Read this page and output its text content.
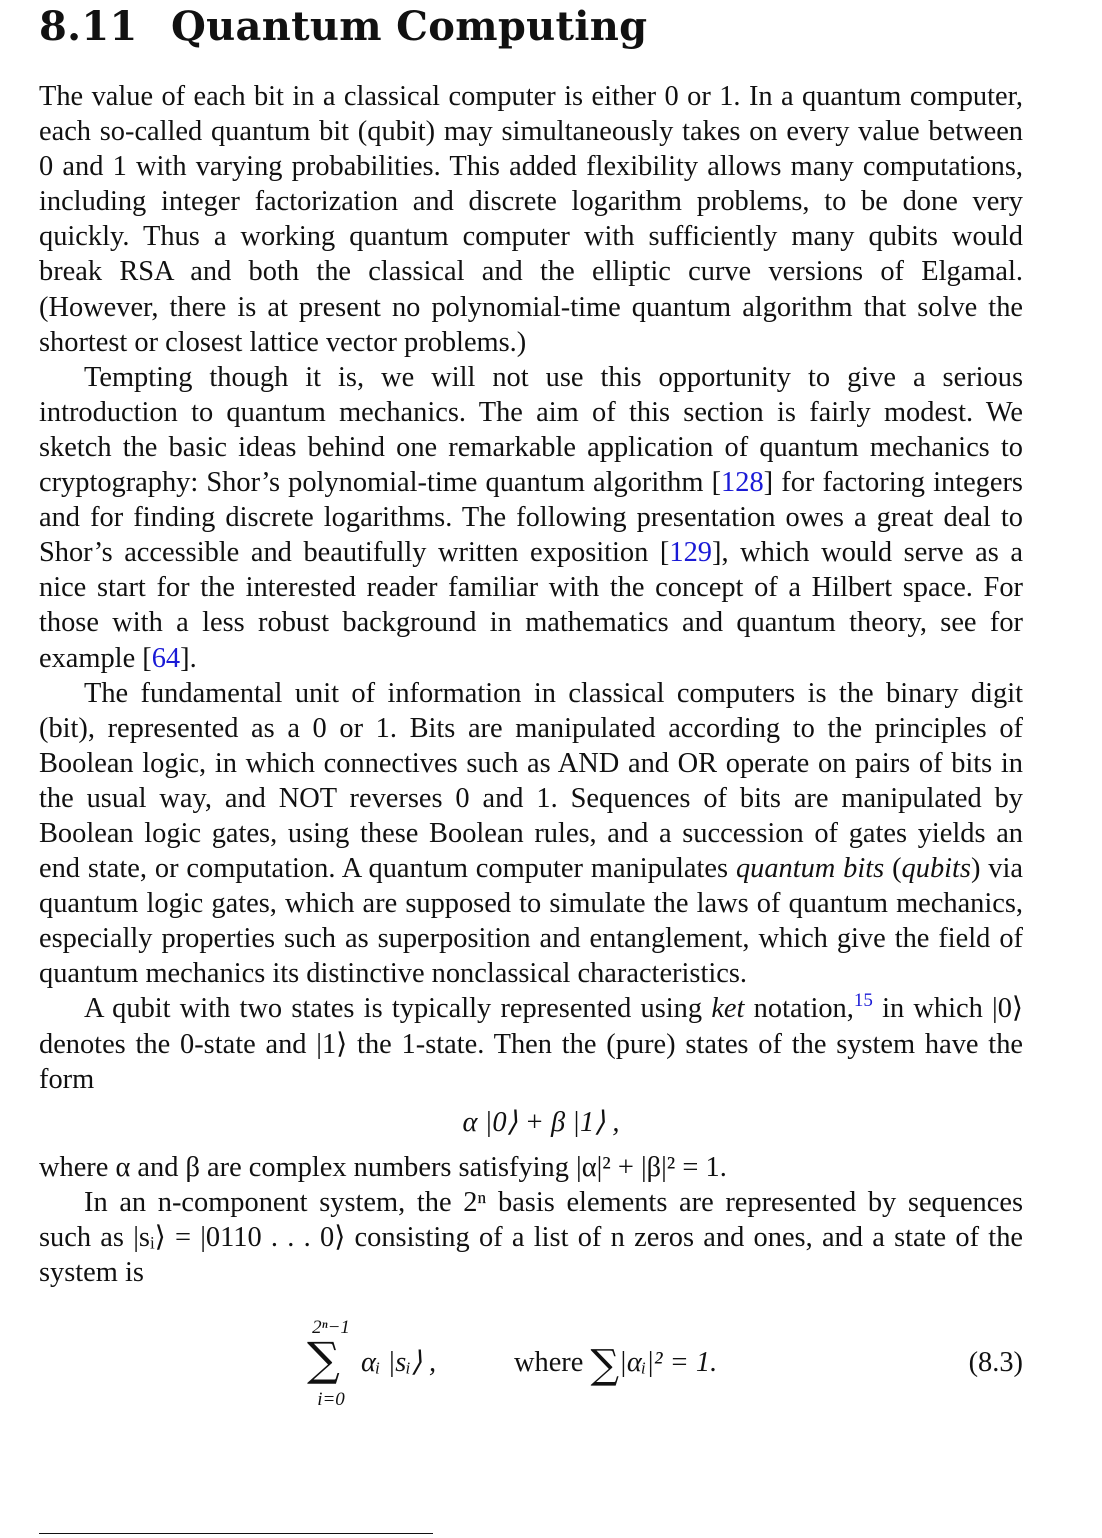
8.11 Quantum Computing

The value of each bit in a classical computer is either 0 or 1. In a quantum computer, each so-called quantum bit (qubit) may simultaneously takes on every value between 0 and 1 with varying probabilities. This added flexibility allows many computations, including integer factorization and discrete logarithm problems, to be done very quickly. Thus a working quantum computer with sufficiently many qubits would break RSA and both the classical and the elliptic curve versions of Elgamal. (However, there is at present no polynomial-time quantum algorithm that solve the shortest or closest lattice vector problems.)

Tempting though it is, we will not use this opportunity to give a serious introduction to quantum mechanics. The aim of this section is fairly modest. We sketch the basic ideas behind one remarkable application of quantum mechanics to cryptography: Shor’s polynomial-time quantum algorithm [128] for factoring integers and for finding discrete logarithms. The following presentation owes a great deal to Shor’s accessible and beautifully written exposition [129], which would serve as a nice start for the interested reader familiar with the concept of a Hilbert space. For those with a less robust background in mathematics and quantum theory, see for example [64].

The fundamental unit of information in classical computers is the binary digit (bit), represented as a 0 or 1. Bits are manipulated according to the principles of Boolean logic, in which connectives such as AND and OR operate on pairs of bits in the usual way, and NOT reverses 0 and 1. Sequences of bits are manipulated by Boolean logic gates, using these Boolean rules, and a succession of gates yields an end state, or computation. A quantum computer manipulates quantum bits (qubits) via quantum logic gates, which are supposed to simulate the laws of quantum mechanics, especially properties such as superposition and entanglement, which give the field of quantum mechanics its distinctive nonclassical characteristics.

A qubit with two states is typically represented using ket notation,$^{15}$ in which |0⟩ denotes the 0-state and |1⟩ the 1-state. Then the (pure) states of the system have the form

α |0⟩ + β |1⟩ ,

where α and β are complex numbers satisfying |α|² + |β|² = 1.

In an n-component system, the 2ⁿ basis elements are represented by sequences such as |sᵢ⟩ = |0110 . . . 0⟩ consisting of a list of n zeros and ones, and a state of the system is

2ⁿ−1
∑
i=0
αᵢ |sᵢ⟩ ,	where ∑|αᵢ|² = 1.	(8.3)
